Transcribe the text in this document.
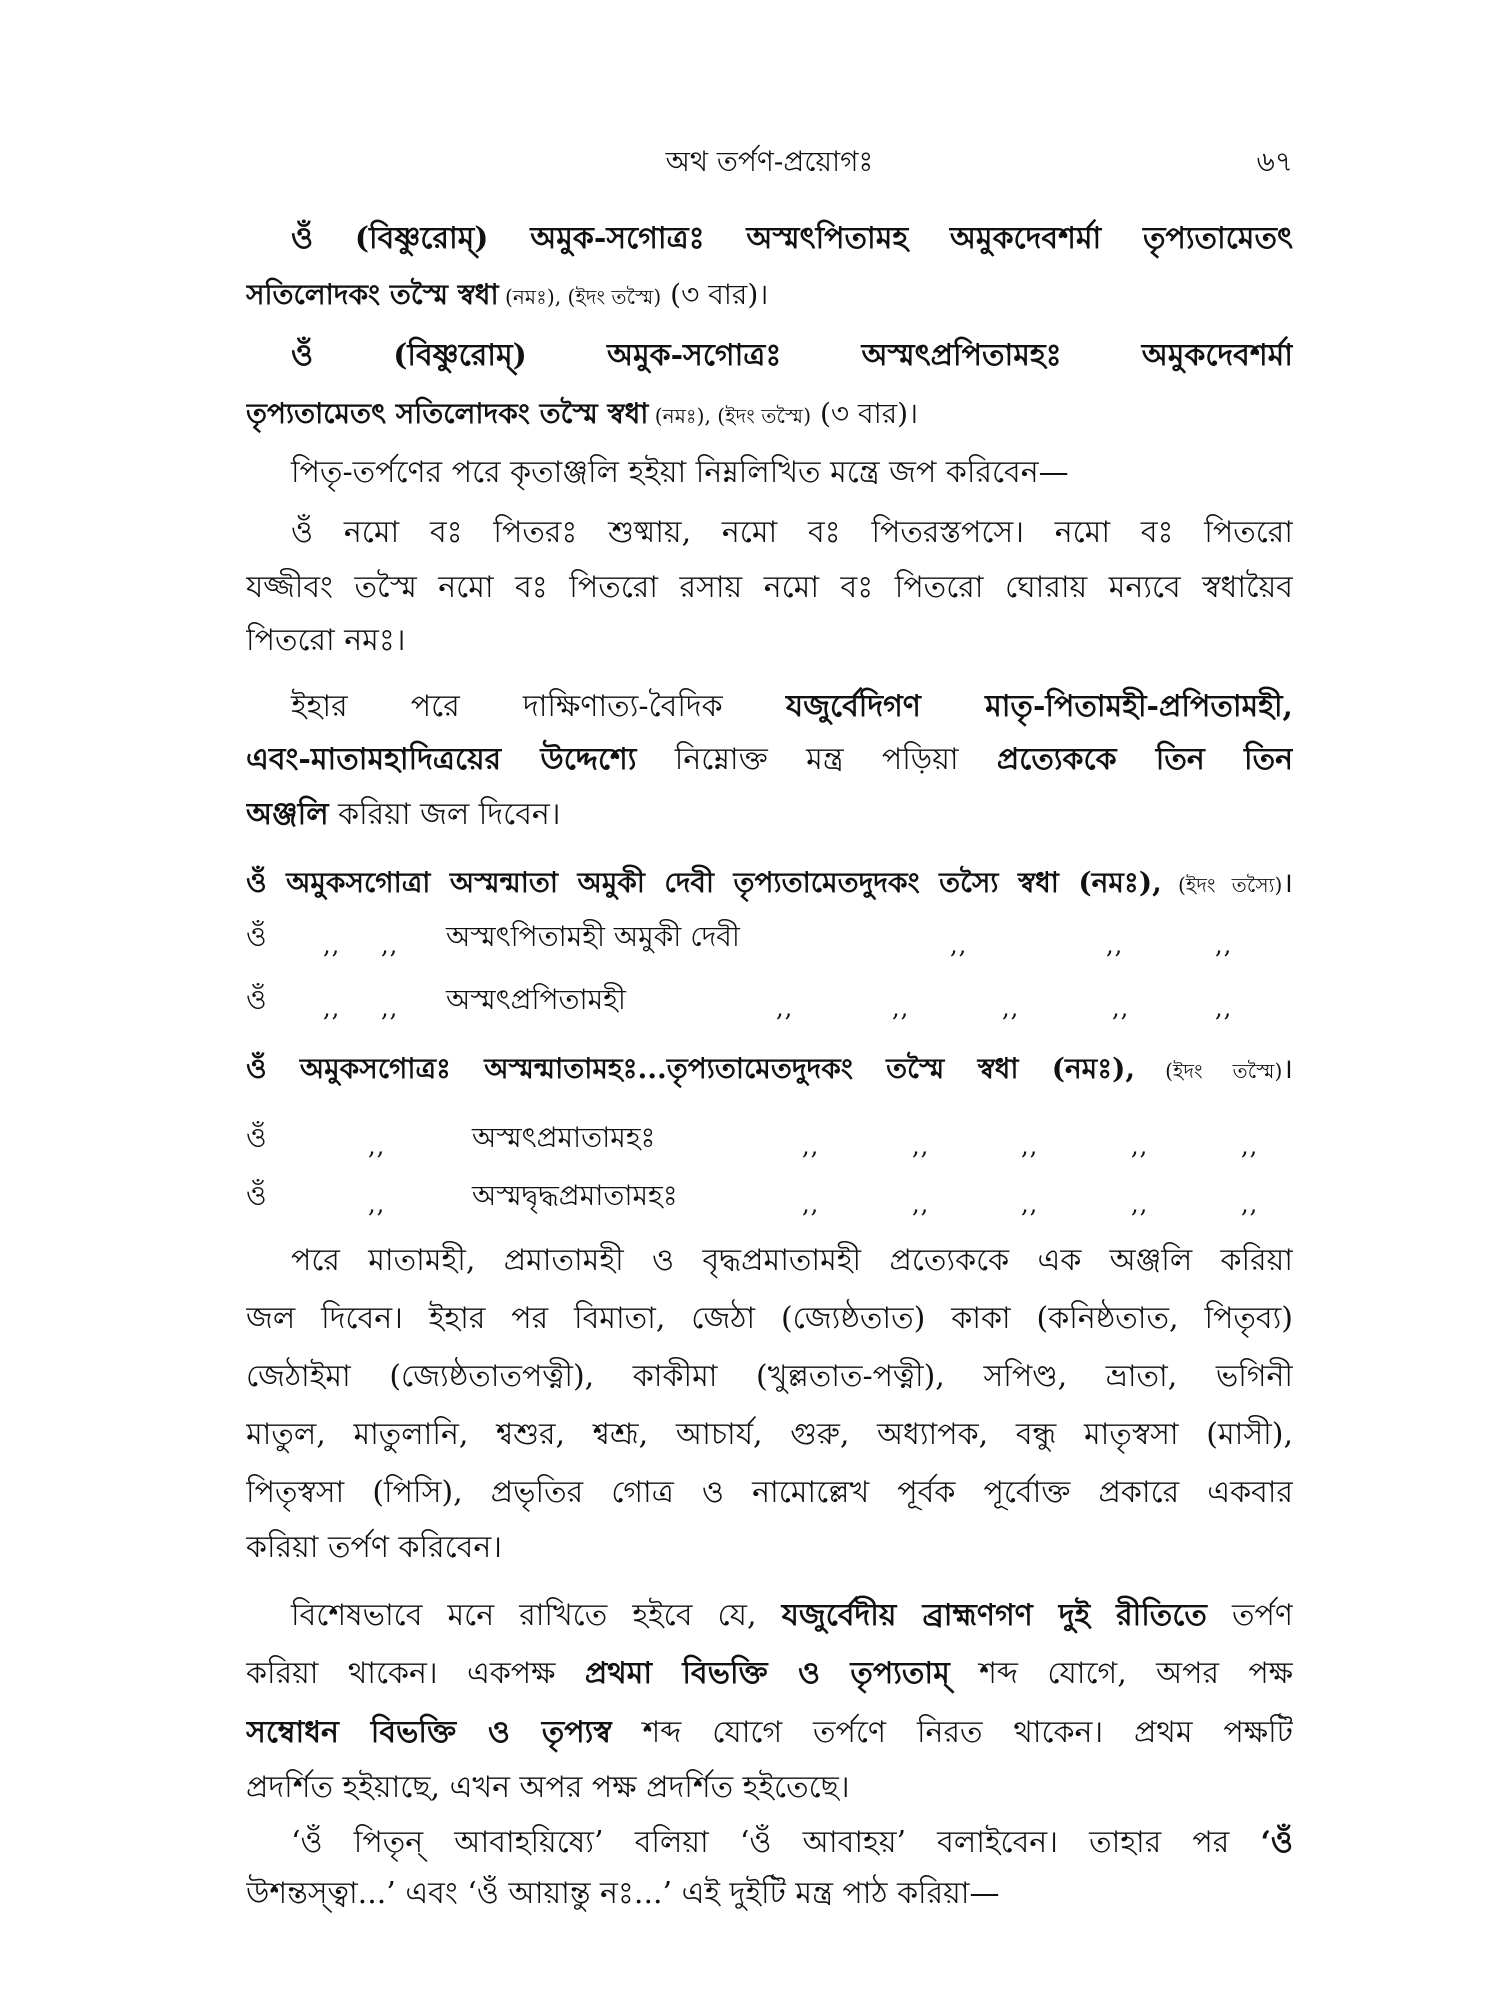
অথ তর্পণ-প্রয়োগঃ	৬৭
ওঁ (বিষ্ণুরোম্) অমুক-সগোত্রঃ অস্মৎপিতামহ অমুকদেবশর্মা তৃপ্যতামেতৎ
সতিলোদকং তস্মৈ স্বধা (নমঃ), (ইদং তস্মৈ) (৩ বার)।
ওঁ (বিষ্ণুরোম্) অমুক-সগোত্রঃ অস্মৎপ্রপিতামহঃ অমুকদেবশর্মা
তৃপ্যতামেতৎ সতিলোদকং তস্মৈ স্বধা (নমঃ), (ইদং তস্মৈ) (৩ বার)।
পিতৃ-তর্পণের পরে কৃতাঞ্জলি হইয়া নিম্নলিখিত মন্ত্রে জপ করিবেন—
ওঁ নমো বঃ পিতরঃ শুষ্মায়, নমো বঃ পিতরস্তপসে। নমো বঃ পিতরো
যজ্জীবং তস্মৈ নমো বঃ পিতরো রসায় নমো বঃ পিতরো ঘোরায় মন্যবে স্বধায়ৈব
পিতরো নমঃ।
ইহার পরে দাক্ষিণাত্য-বৈদিক যজুর্বেদিগণ মাতৃ-পিতামহী-প্রপিতামহী,
এবং-মাতামহাদিত্রয়ের উদ্দেশ্যে নিম্নোক্ত মন্ত্র পড়িয়া প্রত্যেককে তিন তিন
অঞ্জলি করিয়া জল দিবেন।
ওঁ অমুকসগোত্রা অস্মন্মাতা অমুকী দেবী তৃপ্যতামেতদুদকং তস্যৈ স্বধা (নমঃ), (ইদং তস্যৈ)।
ওঁ ,, ,, অস্মৎপিতামহী অমুকী দেবী	,,	,,	,,
ওঁ ,, ,, অস্মৎপ্রপিতামহী	,,	,,	,,	,,	,,
ওঁ অমুকসগোত্রঃ অস্মন্মাতামহঃ...তৃপ্যতামেতদুদকং তস্মৈ স্বধা (নমঃ), (ইদং তস্মৈ)।
ওঁ	,,	অস্মৎপ্রমাতামহঃ	,,	,,	,,	,,	,,
ওঁ	,,	অস্মদ্বৃদ্ধপ্রমাতামহঃ	,,	,,	,,	,,	,,
পরে মাতামহী, প্রমাতামহী ও বৃদ্ধপ্রমাতামহী প্রত্যেককে এক অঞ্জলি করিয়া
জল দিবেন। ইহার পর বিমাতা, জেঠা (জ্যেষ্ঠতাত) কাকা (কনিষ্ঠতাত, পিতৃব্য)
জেঠাইমা (জ্যেষ্ঠতাতপত্নী), কাকীমা (খুল্লতাত-পত্নী), সপিণ্ড, ভ্রাতা, ভগিনী
মাতুল, মাতুলানি, শ্বশুর, শ্বশ্রূ, আচার্য, গুরু, অধ্যাপক, বন্ধু মাতৃস্বসা (মাসী),
পিতৃস্বসা (পিসি), প্রভৃতির গোত্র ও নামোল্লেখ পূর্বক পূর্বোক্ত প্রকারে একবার
করিয়া তর্পণ করিবেন।
বিশেষভাবে মনে রাখিতে হইবে যে, যজুর্বেদীয় ব্রাহ্মণগণ দুই রীতিতে তর্পণ
করিয়া থাকেন। একপক্ষ প্রথমা বিভক্তি ও তৃপ্যতাম্ শব্দ যোগে, অপর পক্ষ
সম্বোধন বিভক্তি ও তৃপ্যস্ব শব্দ যোগে তর্পণে নিরত থাকেন। প্রথম পক্ষটি
প্রদর্শিত হইয়াছে, এখন অপর পক্ষ প্রদর্শিত হইতেছে।
‘ওঁ পিতৃন্ আবাহয়িষ্যে’ বলিয়া ‘ওঁ আবাহয়’ বলাইবেন। তাহার পর ‘ওঁ
উশন্তস্ত্বা...’ এবং ‘ওঁ আয়ান্তু নঃ...’ এই দুইটি মন্ত্র পাঠ করিয়া—
